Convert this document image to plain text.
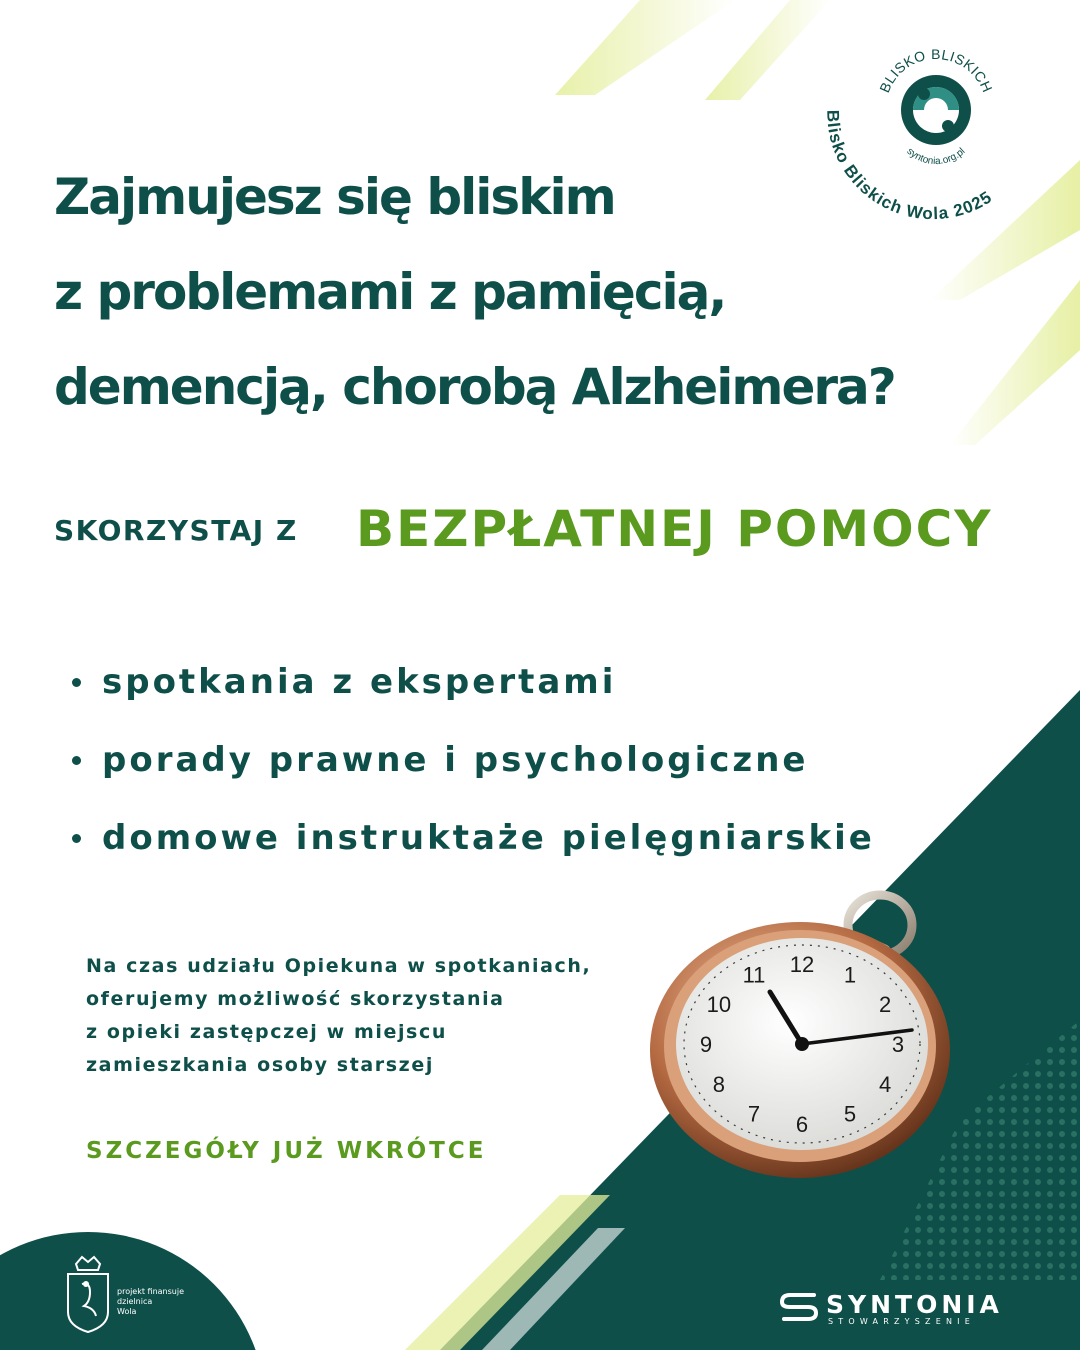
BLISKO BLISKICH
syntonia.org.pl
Blisko Bliskich Wola 2025
Zajmujesz się bliskim
z problemami z pamięcią,
demencją, chorobą Alzheimera?
SKORZYSTAJ Z BEZPŁATNEJ POMOCY
spotkania z ekspertami
porady prawne i psychologiczne
domowe instruktaże pielęgniarskie
Na czas udziału Opiekuna w spotkaniach,
oferujemy możliwość skorzystania
z opieki zastępczej w miejscu
zamieszkania osoby starszej
SZCZEGÓŁY JUŻ WKRÓTCE
12 1
2
3
4
5
6
7
8
9
10
11
projekt finansuje
dzielnica
Wola	SYNTONIA
STOWARZYSZENIE
